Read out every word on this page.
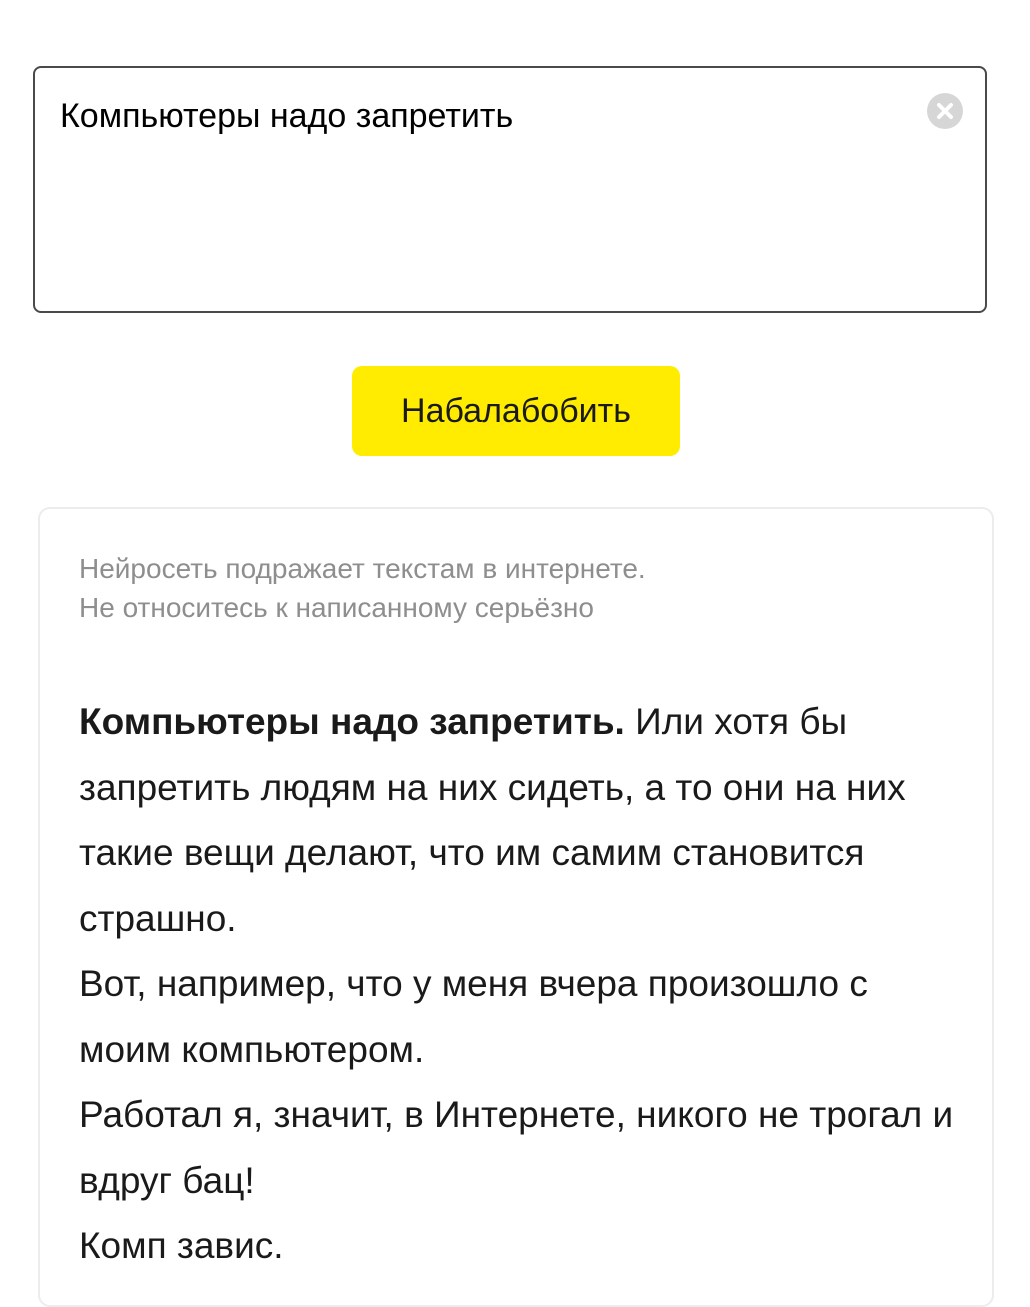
Компьютеры надо запретить
Набалабобить
Нейросеть подражает текстам в интернете.
Не относитесь к написанному серьёзно

Компьютеры надо запретить. Или хотя бы запретить людям на них сидеть, а то они на них такие вещи делают, что им самим становится страшно.

Вот, например, что у меня вчера произошло с моим компьютером.

Работал я, значит, в Интернете, никого не трогал и вдруг бац!

Комп завис.
